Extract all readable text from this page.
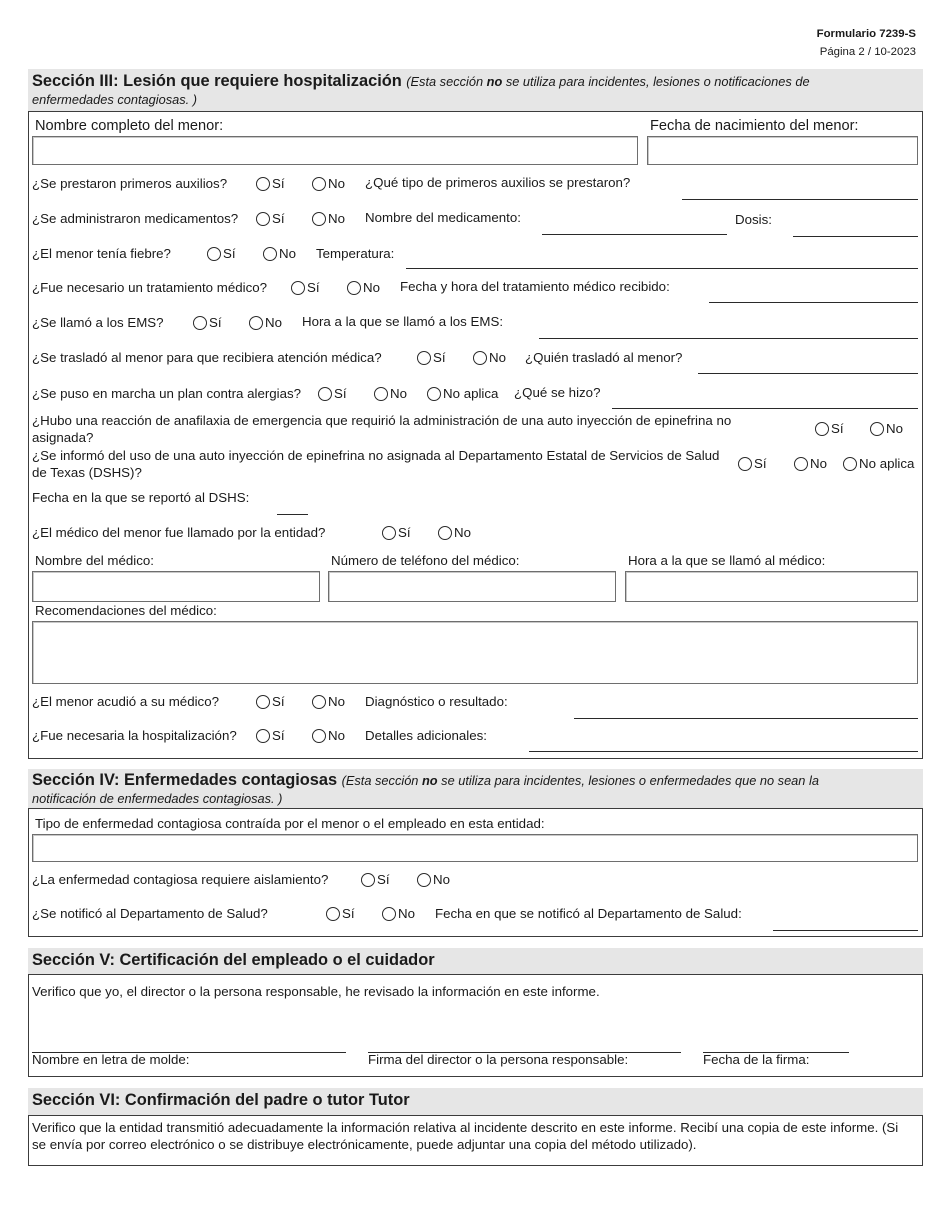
Formulario 7239-S
Página 2 / 10-2023
Sección III: Lesión que requiere hospitalización (Esta sección no se utiliza para incidentes, lesiones o notificaciones de
enfermedades contagiosas. )
Nombre completo del menor:	Fecha de nacimiento del menor:
¿Se prestaron primeros auxilios?	Sí	No ¿Qué tipo de primeros auxilios se prestaron?
¿Se administraron medicamentos?	Sí	No Nombre del medicamento:	Dosis:
¿El menor tenía fiebre?	Sí	No Temperatura:
¿Fue necesario un tratamiento médico?	Sí	No Fecha y hora del tratamiento médico recibido:
¿Se llamó a los EMS?	Sí	No Hora a la que se llamó a los EMS:
¿Se trasladó al menor para que recibiera atención médica?	Sí	No ¿Quién trasladó al menor?
¿Se puso en marcha un plan contra alergias? Sí	No	No aplica ¿Qué se hizo?
¿Hubo una reacción de anafilaxia de emergencia que requirió la administración de una auto inyección de epinefrina no asignada?
Sí	No
¿Se informó del uso de una auto inyección de epinefrina no asignada al Departamento Estatal de Servicios de Salud de Texas (DSHS)?
Sí	No No aplica
Fecha en la que se reportó al DSHS:
¿El médico del menor fue llamado por la entidad?	Sí	No
Nombre del médico:	Número de teléfono del médico:	Hora a la que se llamó al médico:
Recomendaciones del médico:
¿El menor acudió a su médico?	Sí	No Diagnóstico o resultado:
¿Fue necesaria la hospitalización?	Sí	No Detalles adicionales:
Sección IV: Enfermedades contagiosas (Esta sección no se utiliza para incidentes, lesiones o enfermedades que no sean la
notificación de enfermedades contagiosas. )
Tipo de enfermedad contagiosa contraída por el menor o el empleado en esta entidad:
¿La enfermedad contagiosa requiere aislamiento?	Sí	No
¿Se notificó al Departamento de Salud?	Sí	No Fecha en que se notificó al Departamento de Salud:
Sección V: Certificación del empleado o el cuidador
Verifico que yo, el director o la persona responsable, he revisado la información en este informe.
Nombre en letra de molde:	Firma del director o la persona responsable:	Fecha de la firma:
Sección VI: Confirmación del padre o tutor Tutor
Verifico que la entidad transmitió adecuadamente la información relativa al incidente descrito en este informe. Recibí una copia de este informe. (Si se envía por correo electrónico o se distribuye electrónicamente, puede adjuntar una copia del método utilizado).
